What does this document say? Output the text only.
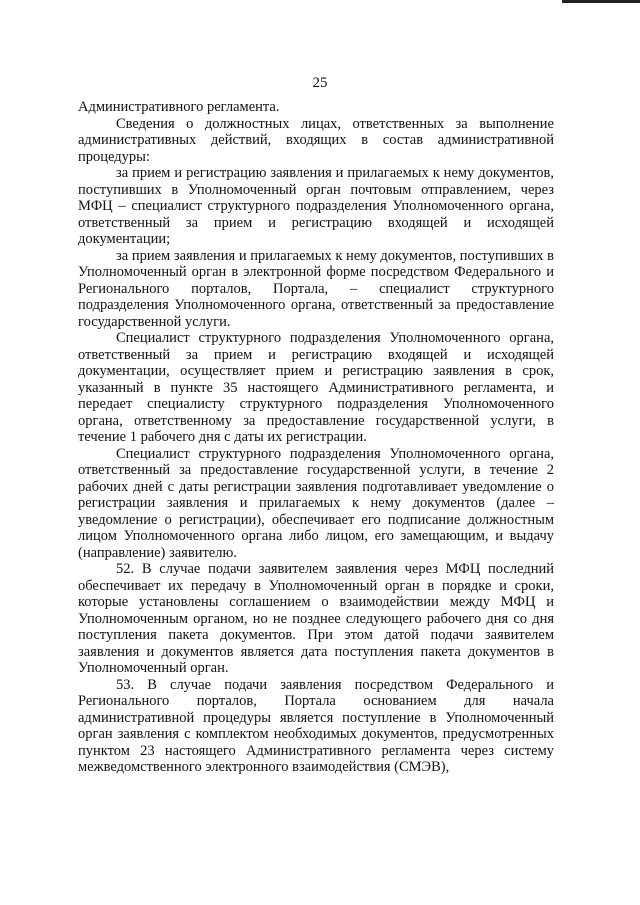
25

Административного регламента.

Сведения о должностных лицах, ответственных за выполнение административных действий, входящих в состав административной процедуры:

за прием и регистрацию заявления и прилагаемых к нему документов, поступивших в Уполномоченный орган почтовым отправлением, через МФЦ – специалист структурного подразделения Уполномоченного органа, ответственный за прием и регистрацию входящей и исходящей документации;

за прием заявления и прилагаемых к нему документов, поступивших в Уполномоченный орган в электронной форме посредством Федерального и Регионального порталов, Портала, – специалист структурного подразделения Уполномоченного органа, ответственный за предоставление государственной услуги.

Специалист структурного подразделения Уполномоченного органа, ответственный за прием и регистрацию входящей и исходящей документации, осуществляет прием и регистрацию заявления в срок, указанный в пункте 35 настоящего Административного регламента, и передает специалисту структурного подразделения Уполномоченного органа, ответственному за предоставление государственной услуги, в течение 1 рабочего дня с даты их регистрации.

Специалист структурного подразделения Уполномоченного органа, ответственный за предоставление государственной услуги, в течение 2 рабочих дней с даты регистрации заявления подготавливает уведомление о регистрации заявления и прилагаемых к нему документов (далее – уведомление о регистрации), обеспечивает его подписание должностным лицом Уполномоченного органа либо лицом, его замещающим, и выдачу (направление) заявителю.

52. В случае подачи заявителем заявления через МФЦ последний обеспечивает их передачу в Уполномоченный орган в порядке и сроки, которые установлены соглашением о взаимодействии между МФЦ и Уполномоченным органом, но не позднее следующего рабочего дня со дня поступления пакета документов. При этом датой подачи заявителем заявления и документов является дата поступления пакета документов в Уполномоченный орган.

53. В случае подачи заявления посредством Федерального и Регионального порталов, Портала основанием для начала административной процедуры является поступление в Уполномоченный орган заявления с комплектом необходимых документов, предусмотренных пунктом 23 настоящего Административного регламента через систему межведомственного электронного взаимодействия (СМЭВ),
